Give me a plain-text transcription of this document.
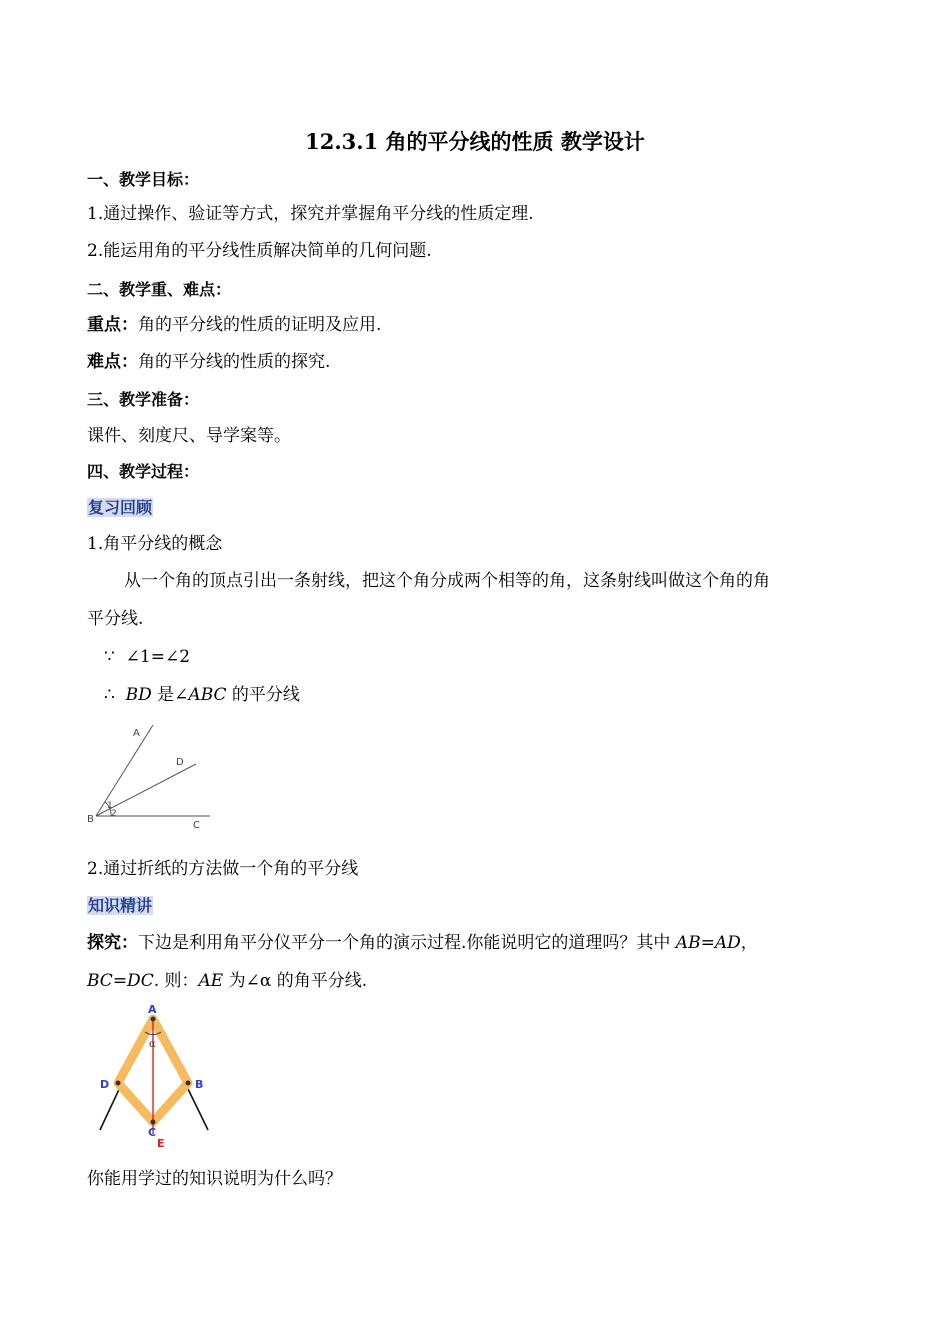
12.3.1 角的平分线的性质 教学设计
一、教学目标：
1.通过操作、验证等方式，探究并掌握角平分线的性质定理.
2.能运用角的平分线性质解决简单的几何问题.
二、教学重、难点：
重点：角的平分线的性质的证明及应用.
难点：角的平分线的性质的探究.
三、教学准备：
课件、刻度尺、导学案等。
四、教学过程：
复习回顾
1.角平分线的概念
从一个角的顶点引出一条射线，把这个角分成两个相等的角，这条射线叫做这个角的角
平分线.
∵ ∠1=∠2
∴ BD 是∠ABC 的平分线
A
D
B
C
1
2
2.通过折纸的方法做一个角的平分线
知识精讲
探究：下边是利用角平分仪平分一个角的演示过程.你能说明它的道理吗？其中 AB=AD，
BC=DC. 则：AE 为∠α 的角平分线.
A
D	B
C
E
α
你能用学过的知识说明为什么吗？
